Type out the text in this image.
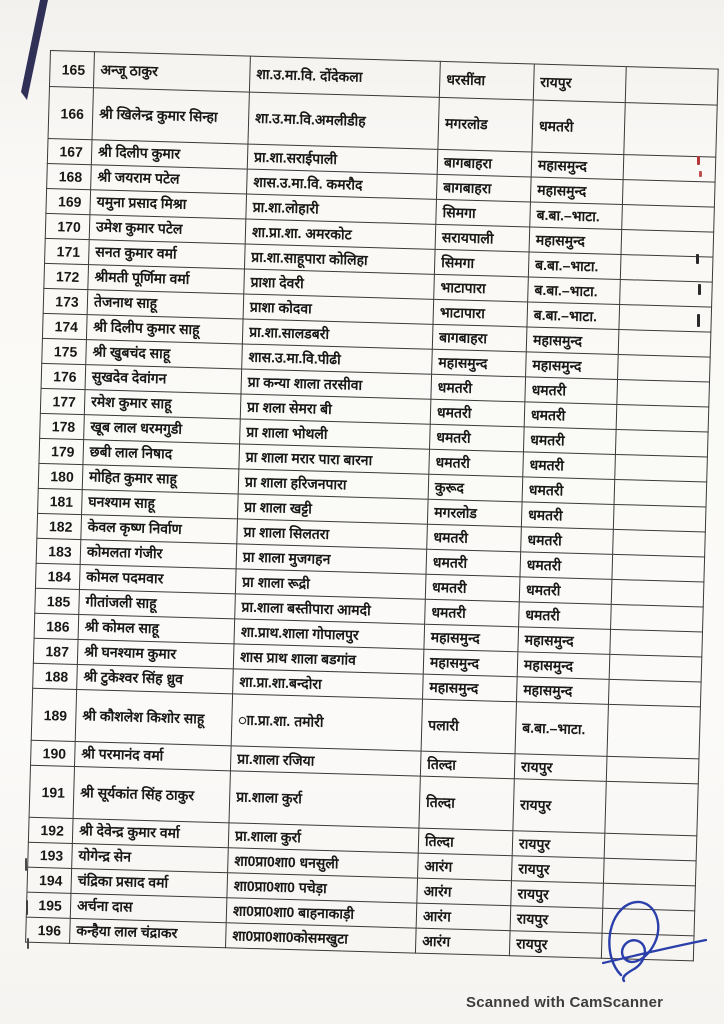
165	अन्जू ठाकुर	शा.उ.मा.वि. दोंदेकला	धरसींवा	रायपुर	
166	श्री खिलेन्द्र कुमार सिन्हा	शा.उ.मा.वि.अमलीडीह	मगरलोड	धमतरी	
167	श्री दिलीप कुमार	प्रा.शा.सराईपाली	बागबाहरा	महासमुन्द	
168	श्री जयराम पटेल	शास.उ.मा.वि. कमरौद	बागबाहरा	महासमुन्द	
169	यमुना प्रसाद मिश्रा	प्रा.शा.लोहारी	सिमगा	ब.बा.–भाटा.	
170	उमेश कुमार पटेल	शा.प्रा.शा. अमरकोट	सरायपाली	महासमुन्द	
171	सनत कुमार वर्मा	प्रा.शा.साहूपारा कोलिहा	सिमगा	ब.बा.–भाटा.	
172	श्रीमती पूर्णिमा वर्मा	प्राशा देवरी	भाटापारा	ब.बा.–भाटा.	
173	तेजनाथ साहू	प्राशा कोदवा	भाटापारा	ब.बा.–भाटा.	
174	श्री दिलीप कुमार साहू	प्रा.शा.सालडबरी	बागबाहरा	महासमुन्द	
175	श्री खुबचंद साहू	शास.उ.मा.वि.पीढी	महासमुन्द	महासमुन्द	
176	सुखदेव देवांगन	प्रा कन्या शाला तरसीवा	धमतरी	धमतरी	
177	रमेश कुमार साहू	प्रा शला सेमरा बी	धमतरी	धमतरी	
178	खूब लाल धरमगुडी	प्रा शाला भोथली	धमतरी	धमतरी	
179	छबी लाल निषाद	प्रा शाला मरार पारा बारना	धमतरी	धमतरी	
180	मोहित कुमार साहू	प्रा शाला हरिजनपारा	कुरूद	धमतरी	
181	घनश्याम साहू	प्रा शाला खट्टी	मगरलोड	धमतरी	
182	केवल कृष्ण निर्वाण	प्रा शाला सिलतरा	धमतरी	धमतरी	
183	कोमलता गंजीर	प्रा शाला मुजगहन	धमतरी	धमतरी	
184	कोमल पदमवार	प्रा शाला रूद्री	धमतरी	धमतरी	
185	गीतांजली साहू	प्रा.शाला बस्तीपारा आमदी	धमतरी	धमतरी	
186	श्री कोमल साहू	शा.प्राथ.शाला गोपालपुर	महासमुन्द	महासमुन्द	
187	श्री घनश्याम कुमार	शास प्राथ शाला बडगांव	महासमुन्द	महासमुन्द	
188	श्री टुकेश्वर सिंह ध्रुव	शा.प्रा.शा.बन्दोरा	महासमुन्द	महासमुन्द	
189	श्री कौशलेश किशोर साहू	ाा.प्रा.शा. तमोरी	पलारी	ब.बा.–भाटा.	
190	श्री परमानंद वर्मा	प्रा.शाला रजिया	तिल्दा	रायपुर	
191	श्री सूर्यकांत सिंह ठाकुर	प्रा.शाला कुर्रा	तिल्दा	रायपुर	
192	श्री देवेन्द्र कुमार वर्मा	प्रा.शाला कुर्रा	तिल्दा	रायपुर	
193	योगेन्द्र सेन	शा0प्रा0शा0 धनसुली	आरंग	रायपुर	
194	चंद्रिका प्रसाद वर्मा	शा0प्रा0शा0 पचेड़ा	आरंग	रायपुर	
195	अर्चना दास	शा0प्रा0शा0 बाहनाकाड़ी	आरंग	रायपुर	
196	कन्हैया लाल चंद्राकर	शा0प्रा0शा0कोसमखुटा	आरंग	रायपुर	
Scanned with CamScanner
